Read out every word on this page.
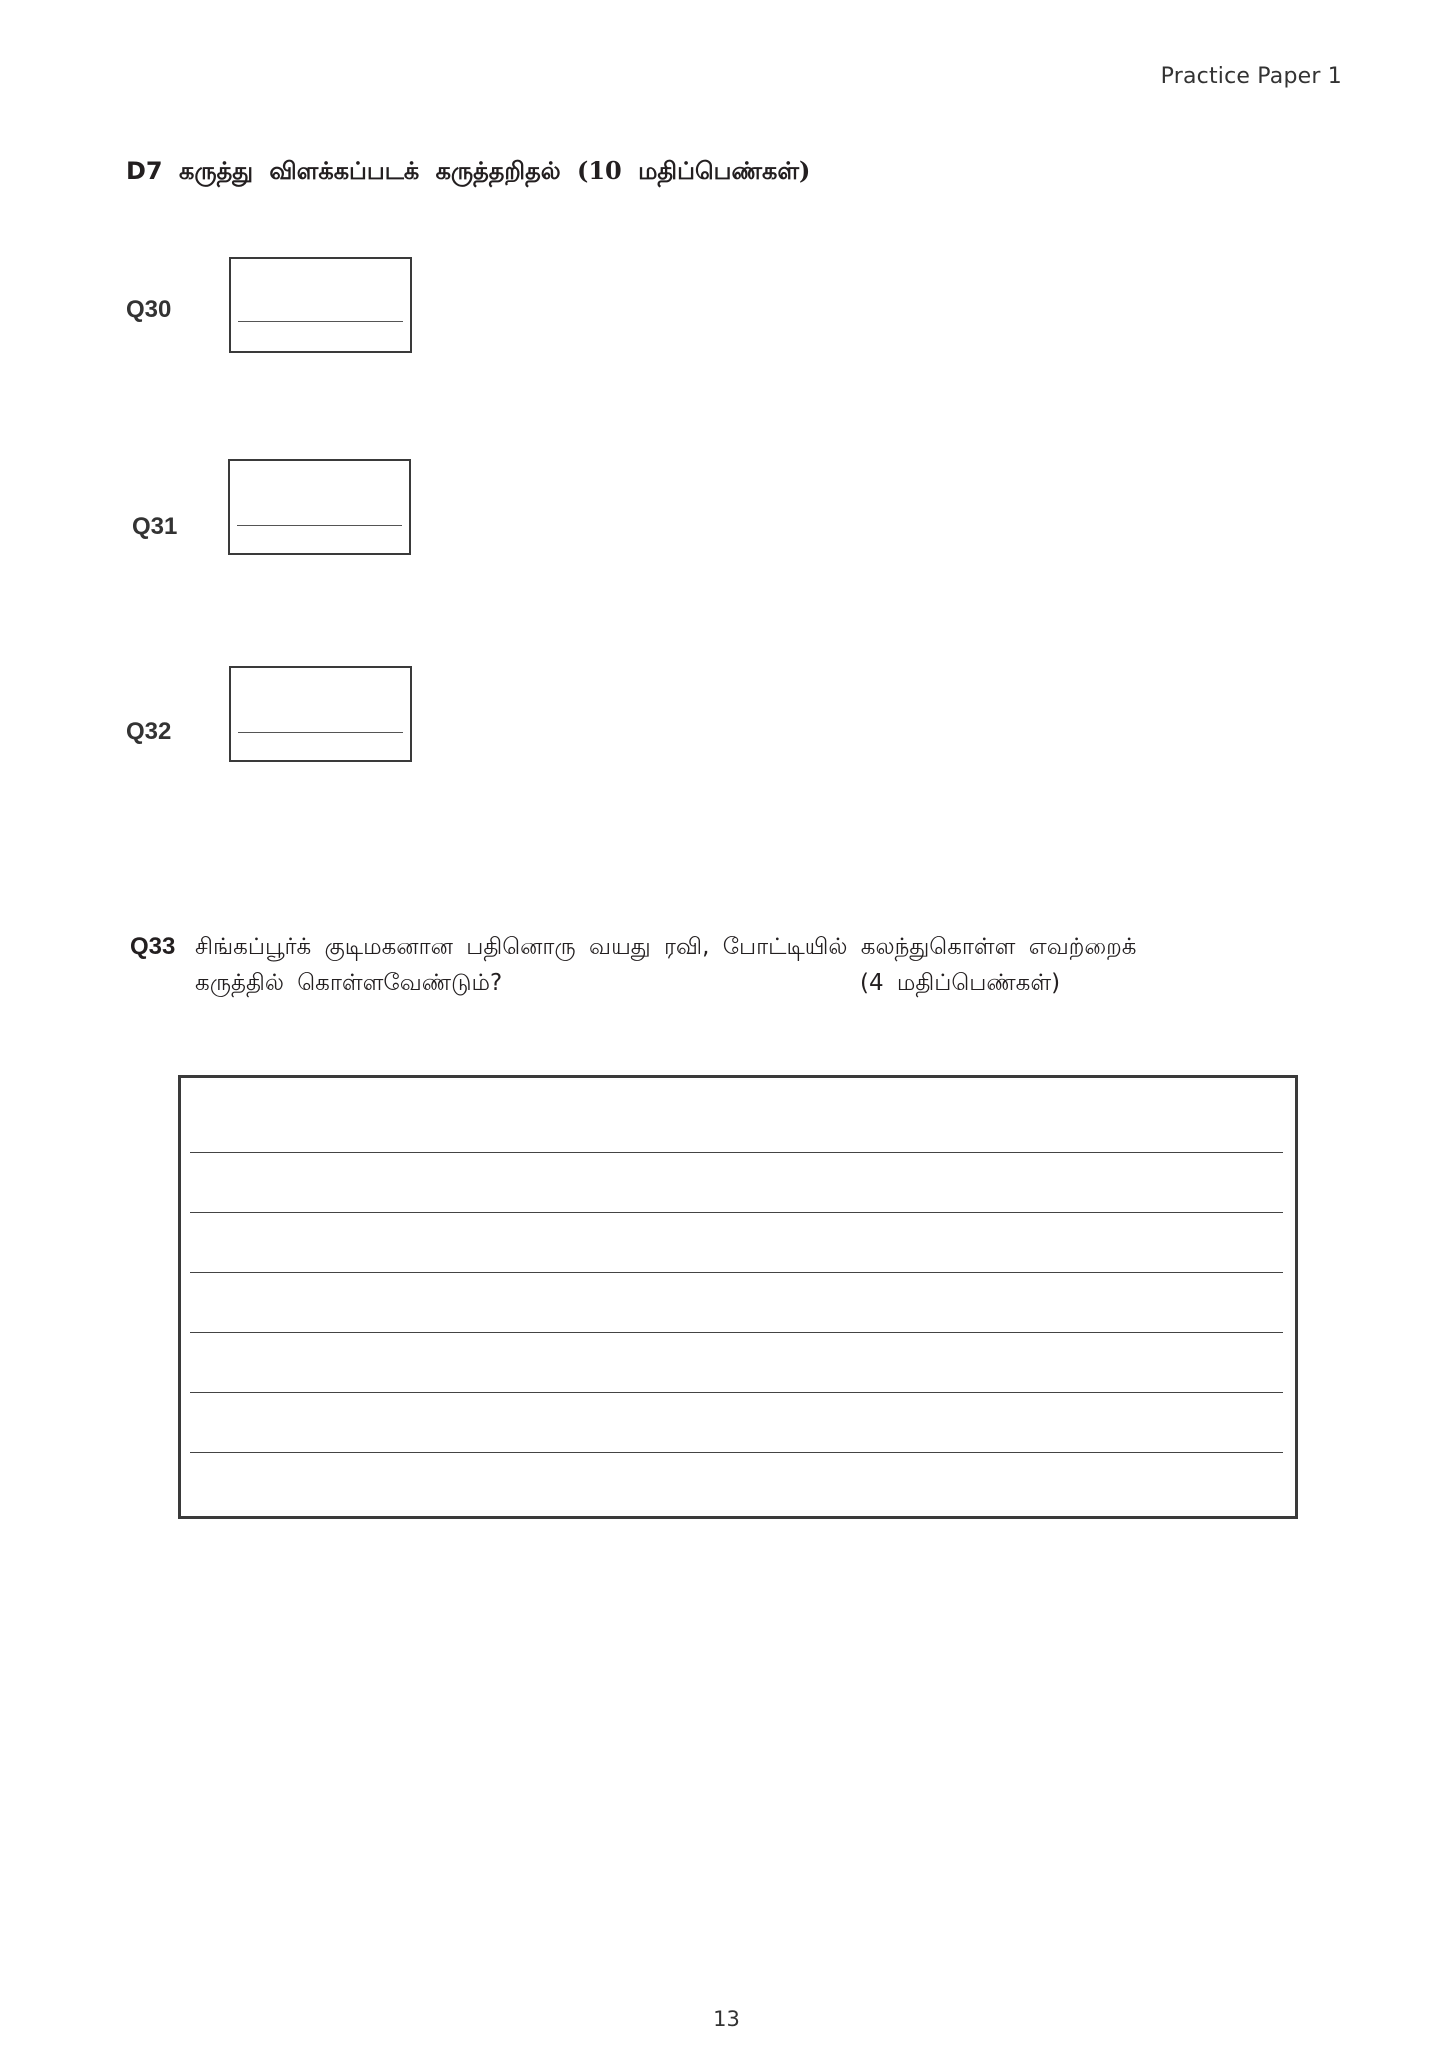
Practice Paper 1
D7 கருத்து விளக்கப்படக் கருத்தறிதல் (10 மதிப்பெண்கள்)
Q30
Q31
Q32
Q33 சிங்கப்பூர்க் குடிமகனான பதினொரு வயது ரவி, போட்டியில் கலந்துகொள்ள எவற்றைக்
கருத்தில் கொள்ளவேண்டும்?	(4 மதிப்பெண்கள்)
13
